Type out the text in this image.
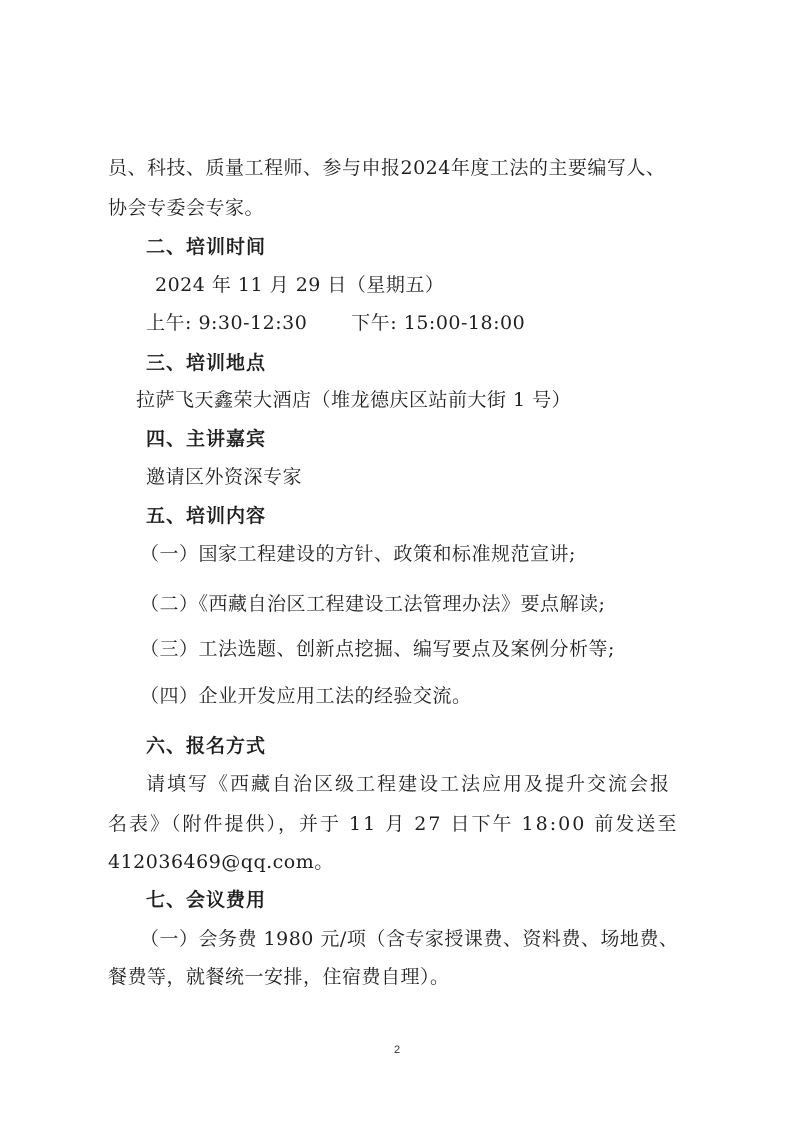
员、科技、质量工程师、参与申报2024年度工法的主要编写人、
协会专委会专家。
二、培训时间
2024 年 11 月 29 日（星期五）
上午: 9:30-12:30 下午: 15:00-18:00
三、培训地点
拉萨飞天鑫荣大酒店（堆龙德庆区站前大街 1 号）
四、主讲嘉宾
邀请区外资深专家
五、培训内容
（一）国家工程建设的方针、政策和标准规范宣讲;
（二）《西藏自治区工程建设工法管理办法》要点解读;
（三）工法选题、创新点挖掘、编写要点及案例分析等;
（四）企业开发应用工法的经验交流。
六、报名方式
请填写《西藏自治区级工程建设工法应用及提升交流会报
名表》（附件提供），并于 11 月 27 日下午 18:00 前发送至
412036469@qq.com。
七、会议费用
（一）会务费 1980 元/项（含专家授课费、资料费、场地费、
餐费等，就餐统一安排，住宿费自理）。
2
